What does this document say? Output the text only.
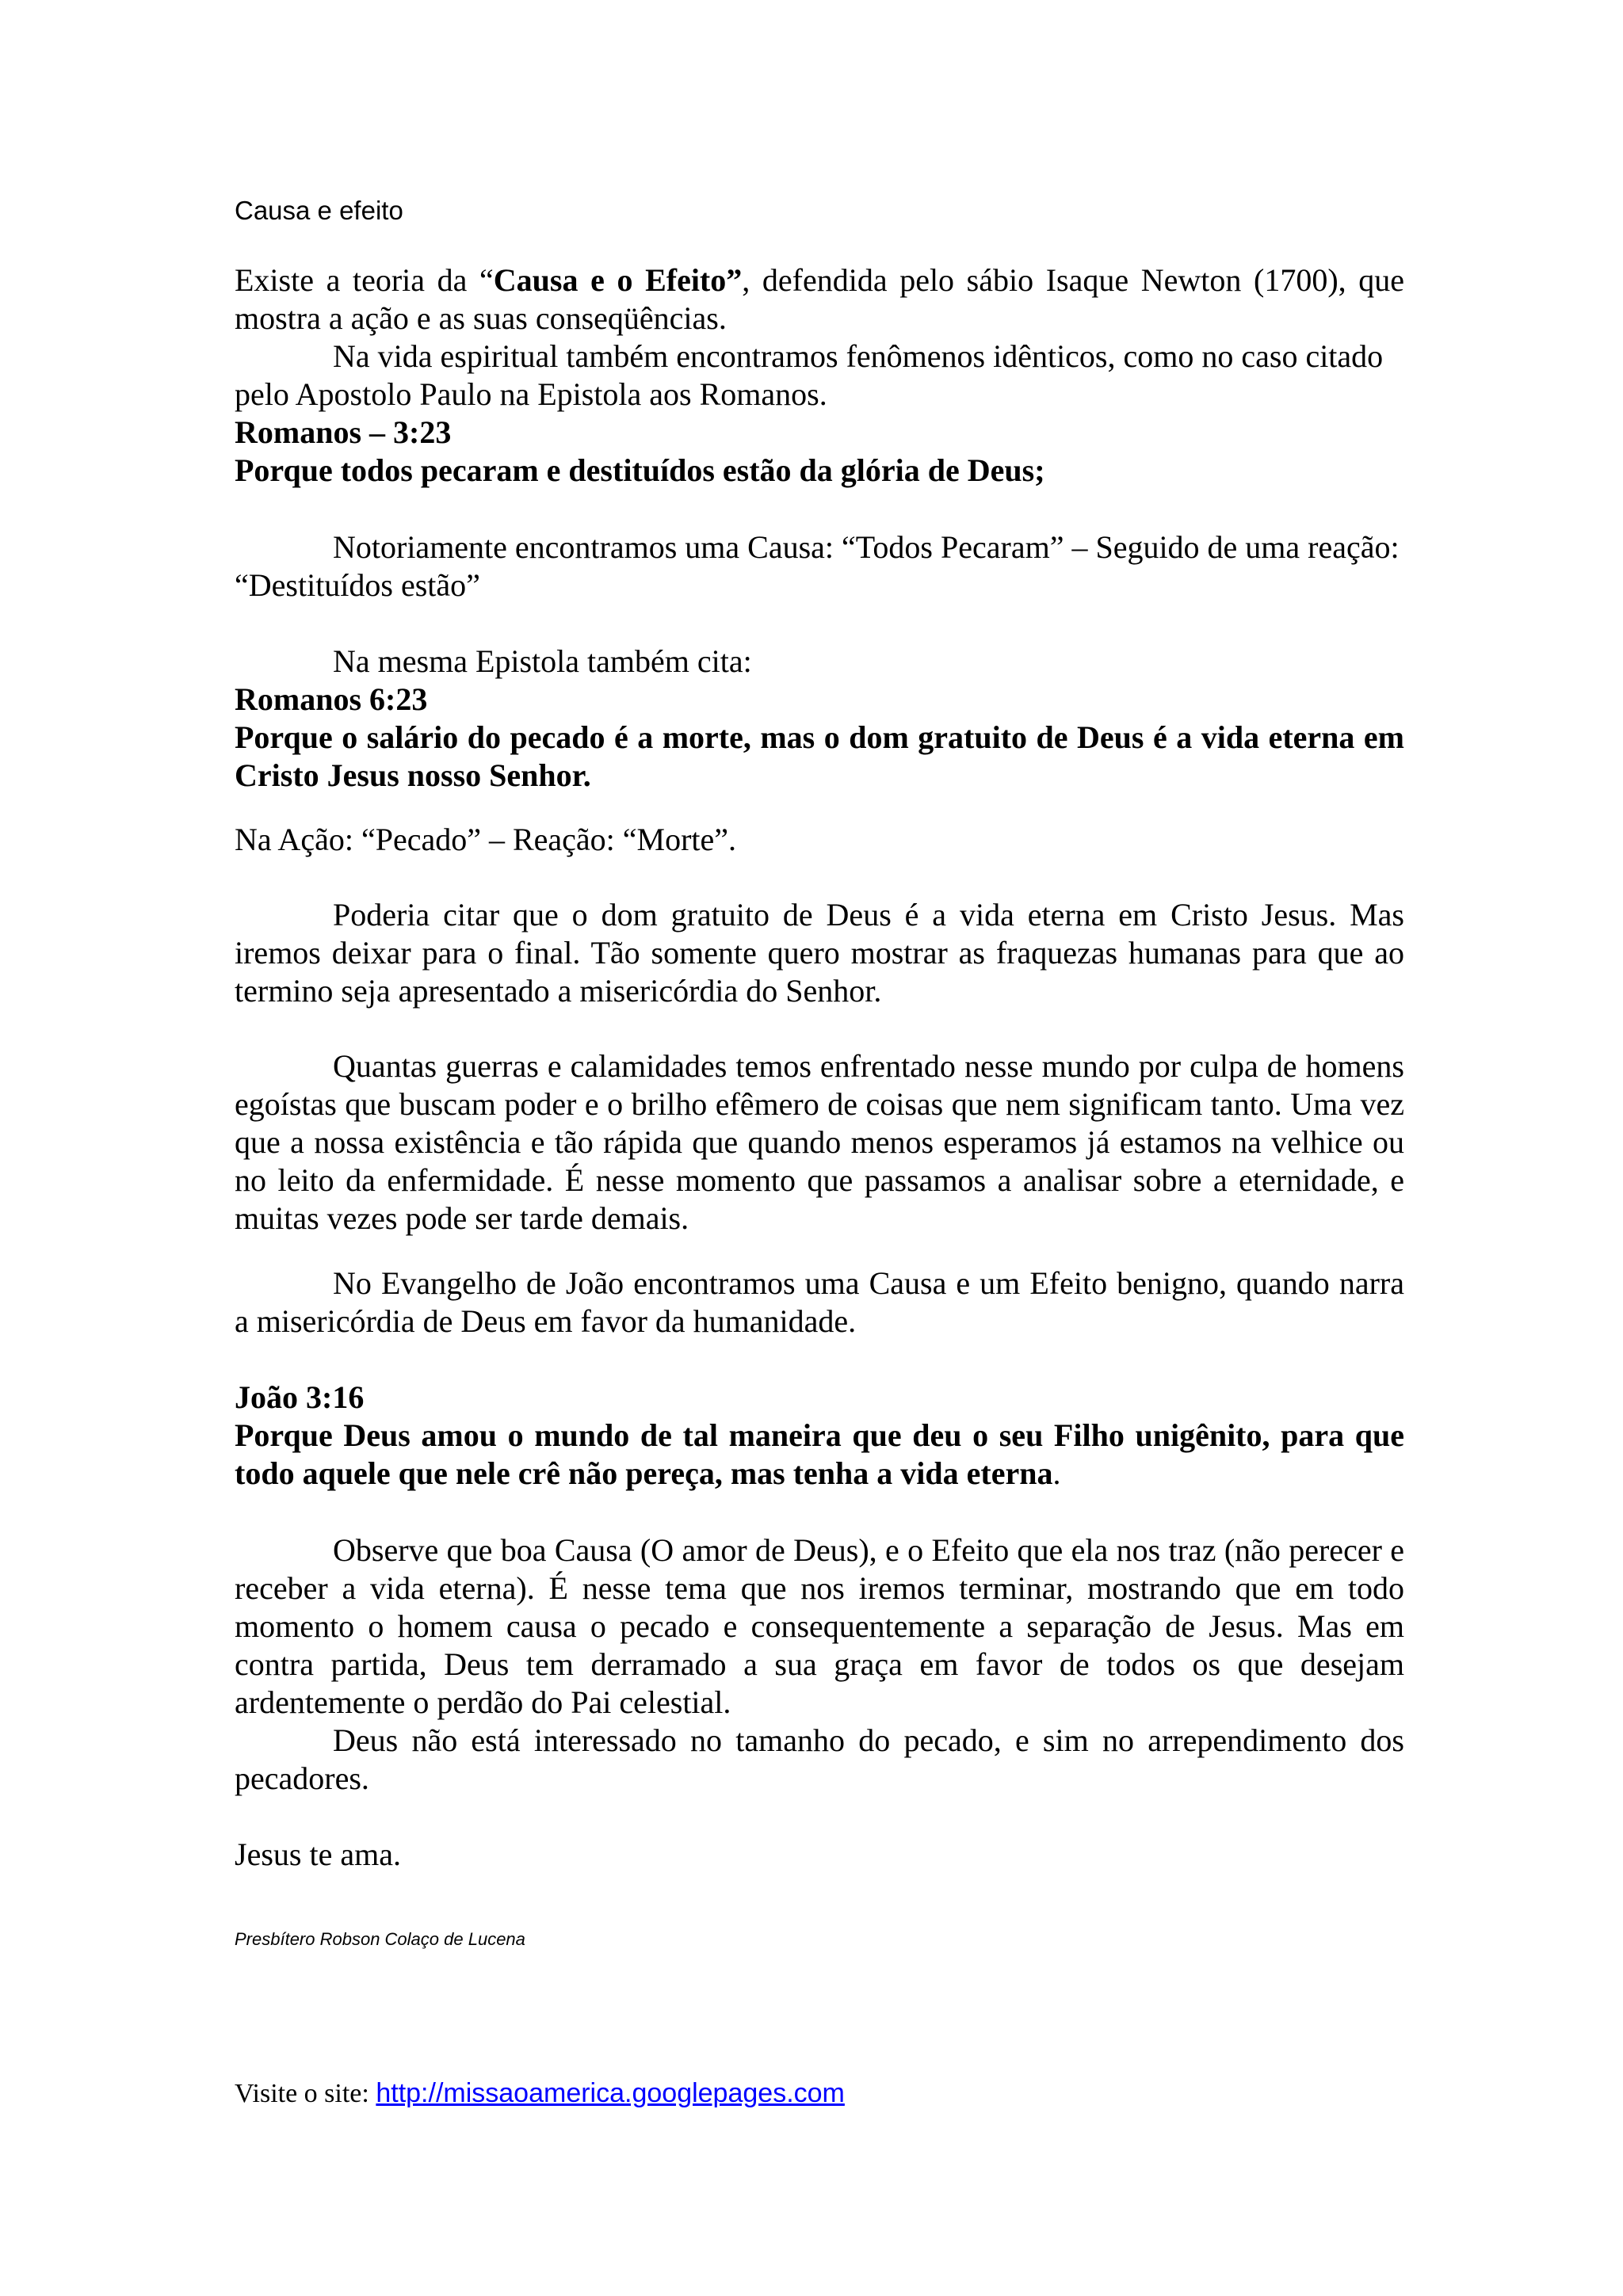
Causa e efeito

Existe a teoria da “Causa e o Efeito”, defendida pelo sábio Isaque Newton (1700), que mostra a ação e as suas conseqüências.

Na vida espiritual também encontramos fenômenos idênticos, como no caso citado pelo Apostolo Paulo na Epistola aos Romanos.

Romanos – 3:23

Porque todos pecaram e destituídos estão da glória de Deus;

Notoriamente encontramos uma Causa: “Todos Pecaram” – Seguido de uma reação: “Destituídos estão”

Na mesma Epistola também cita:

Romanos 6:23

Porque o salário do pecado é a morte, mas o dom gratuito de Deus é a vida eterna em Cristo Jesus nosso Senhor.

Na Ação: “Pecado” – Reação: “Morte”.

Poderia citar que o dom gratuito de Deus é a vida eterna em Cristo Jesus. Mas iremos deixar para o final. Tão somente quero mostrar as fraquezas humanas para que ao termino seja apresentado a misericórdia do Senhor.

Quantas guerras e calamidades temos enfrentado nesse mundo por culpa de homens egoístas que buscam poder e o brilho efêmero de coisas que nem significam tanto. Uma vez que a nossa existência e tão rápida que quando menos esperamos já estamos na velhice ou no leito da enfermidade. É nesse momento que passamos a analisar sobre a eternidade, e muitas vezes pode ser tarde demais.

No Evangelho de João encontramos uma Causa e um Efeito benigno, quando narra a misericórdia de Deus em favor da humanidade.

João 3:16

Porque Deus amou o mundo de tal maneira que deu o seu Filho unigênito, para que todo aquele que nele crê não pereça, mas tenha a vida eterna.

Observe que boa Causa (O amor de Deus), e o Efeito que ela nos traz (não perecer e receber a vida eterna). É nesse tema que nos iremos terminar, mostrando que em todo momento o homem causa o pecado e consequentemente a separação de Jesus. Mas em contra partida, Deus tem derramado a sua graça em favor de todos os que desejam ardentemente o perdão do Pai celestial.

Deus não está interessado no tamanho do pecado, e sim no arrependimento dos pecadores.

Jesus te ama.

Presbítero Robson Colaço de Lucena

Visite o site: http://missaoamerica.googlepages.com
